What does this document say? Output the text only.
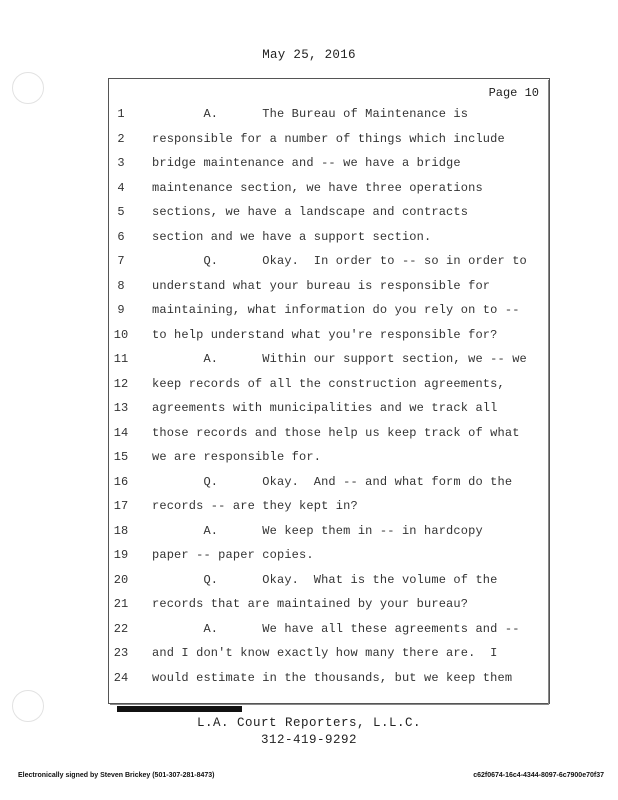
May 25, 2016
Page 10
1	A.      The Bureau of Maintenance is
2	responsible for a number of things which include
3	bridge maintenance and -- we have a bridge
4	maintenance section, we have three operations
5	sections, we have a landscape and contracts
6	section and we have a support section.
7	Q.      Okay.  In order to -- so in order to
8	understand what your bureau is responsible for
9	maintaining, what information do you rely on to --
10	to help understand what you're responsible for?
11	A.      Within our support section, we -- we
12	keep records of all the construction agreements,
13	agreements with municipalities and we track all
14	those records and those help us keep track of what
15	we are responsible for.
16	Q.      Okay.  And -- and what form do the
17	records -- are they kept in?
18	A.      We keep them in -- in hardcopy
19	paper -- paper copies.
20	Q.      Okay.  What is the volume of the
21	records that are maintained by your bureau?
22	A.      We have all these agreements and --
23	and I don't know exactly how many there are.  I
24	would estimate in the thousands, but we keep them
L.A. Court Reporters, L.L.C.
312-419-9292
Electronically signed by Steven Brickey (501-307-281-8473)	c62f0674-16c4-4344-8097-6c7900e70f37
